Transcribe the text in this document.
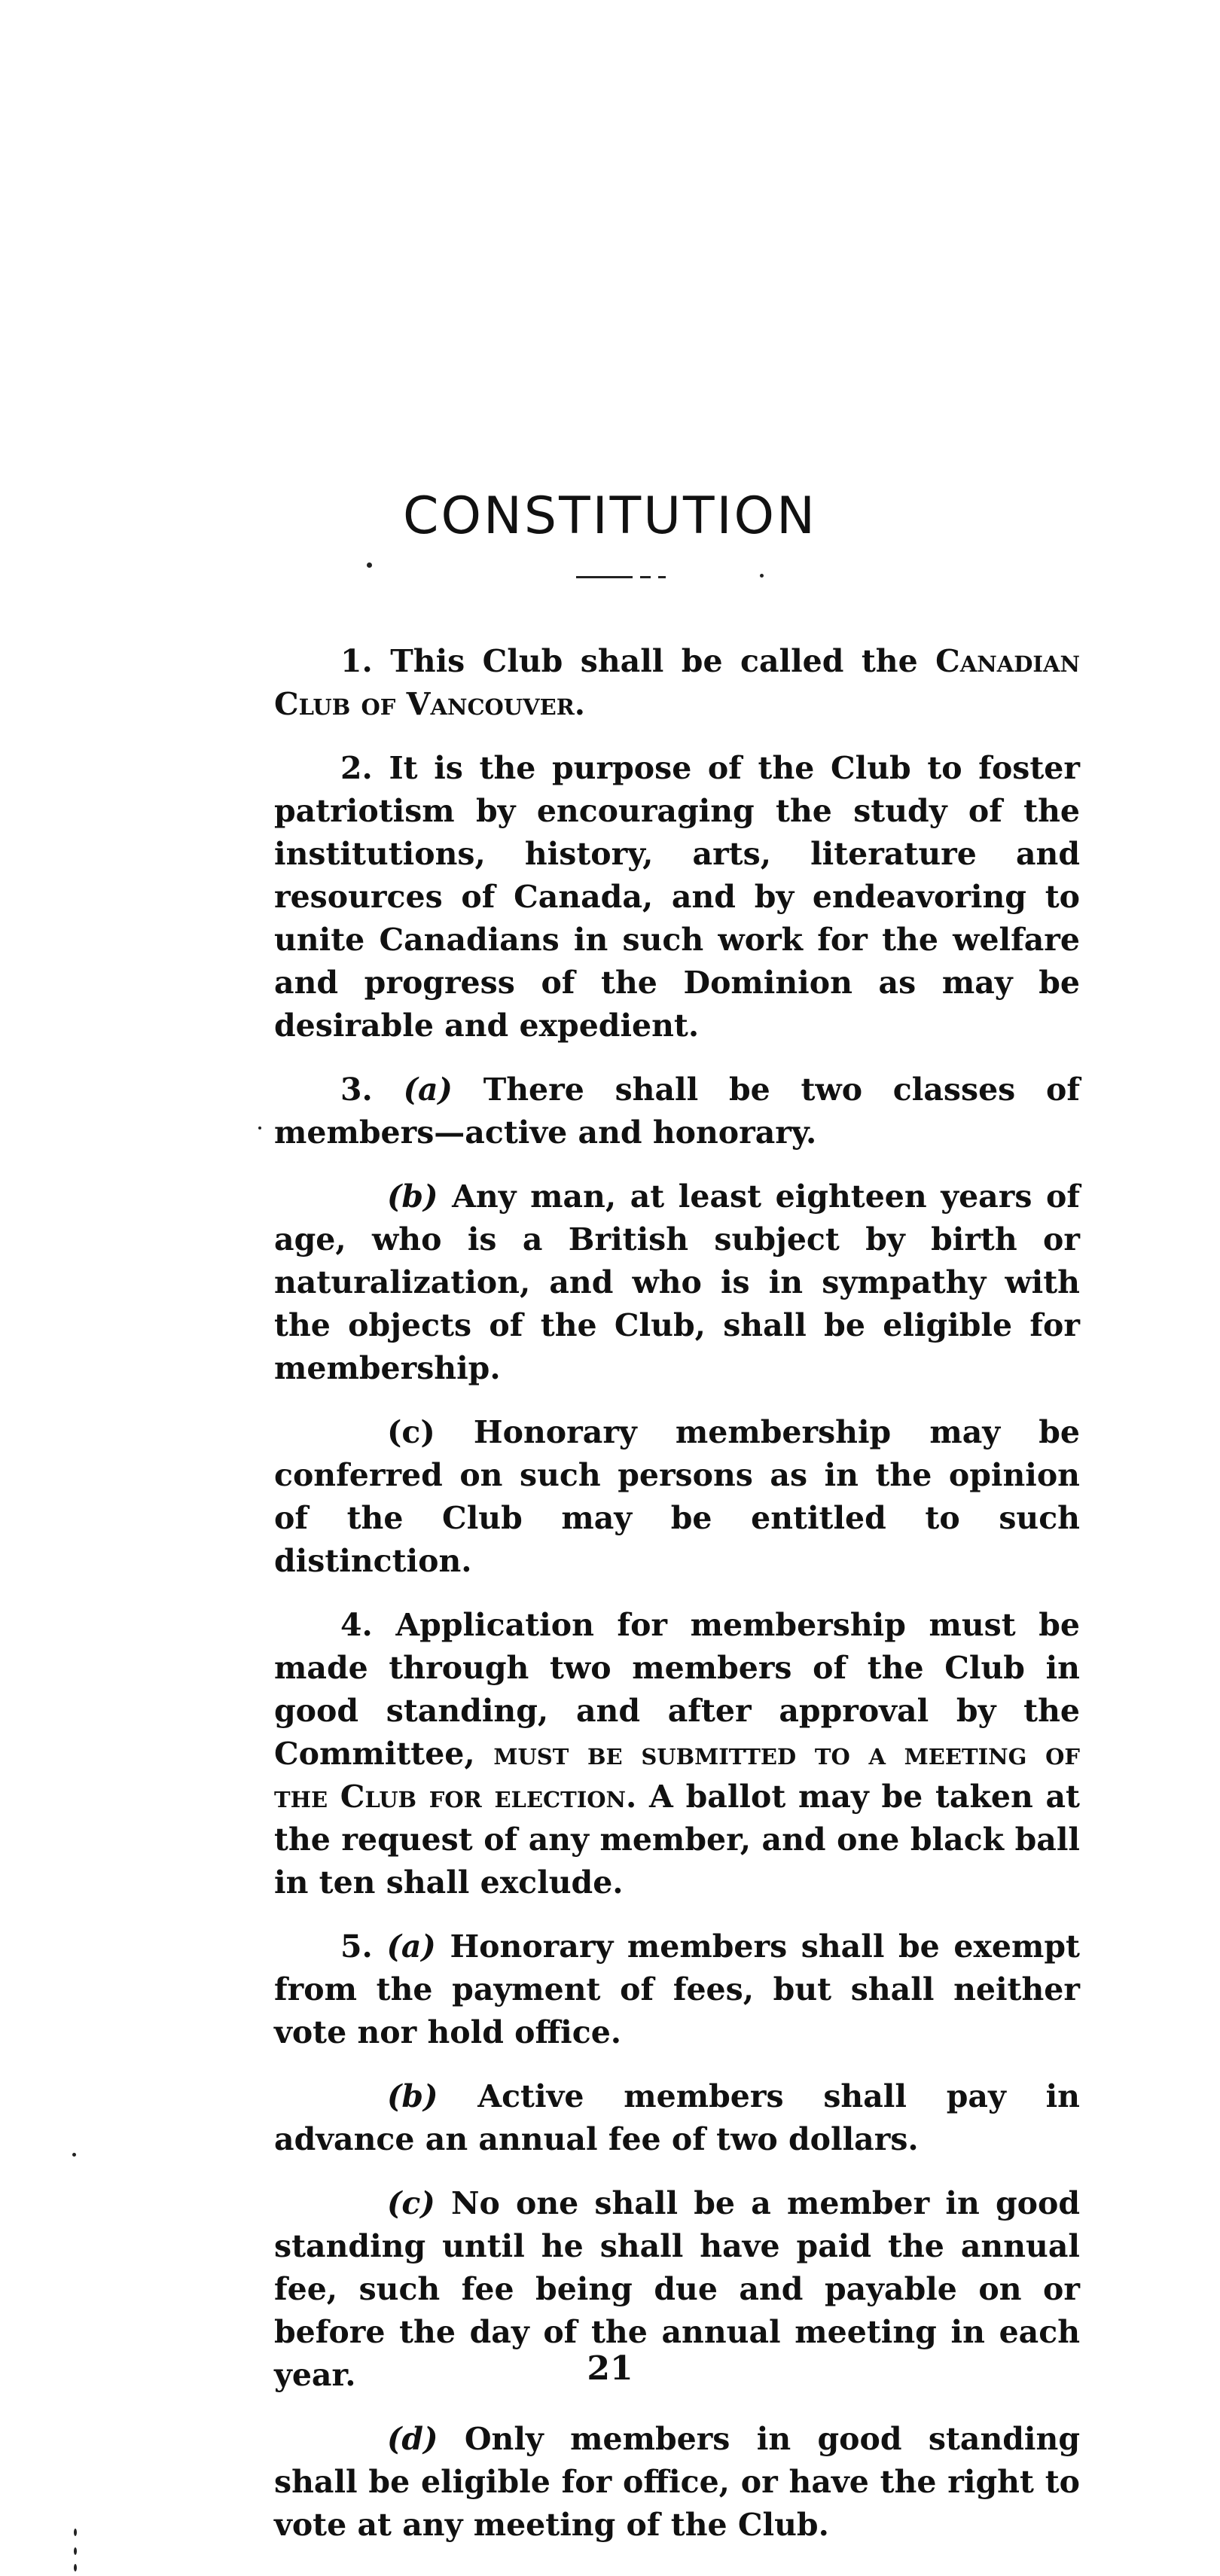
CONSTITUTION

1. This Club shall be called the Canadian Club of Vancouver.

2. It is the purpose of the Club to foster patriotism by encouraging the study of the institutions, history, arts, literature and resources of Canada, and by endeavoring to unite Canadians in such work for the welfare and progress of the Dominion as may be desirable and expedient.

3. (a) There shall be two classes of members—active and honorary.

(b) Any man, at least eighteen years of age, who is a British subject by birth or naturalization, and who is in sympathy with the objects of the Club, shall be eligible for membership.

(c) Honorary membership may be conferred on such persons as in the opinion of the Club may be entitled to such distinction.

4. Application for membership must be made through two members of the Club in good standing, and after approval by the Committee, must be submitted to a meeting of the Club for election. A ballot may be taken at the request of any member, and one black ball in ten shall exclude.

5. (a) Honorary members shall be exempt from the payment of fees, but shall neither vote nor hold office.

(b) Active members shall pay in advance an annual fee of two dollars.

(c) No one shall be a member in good standing until he shall have paid the annual fee, such fee being due and payable on or before the day of the annual meeting in each year.

(d) Only members in good standing shall be eligible for office, or have the right to vote at any meeting of the Club.

21
